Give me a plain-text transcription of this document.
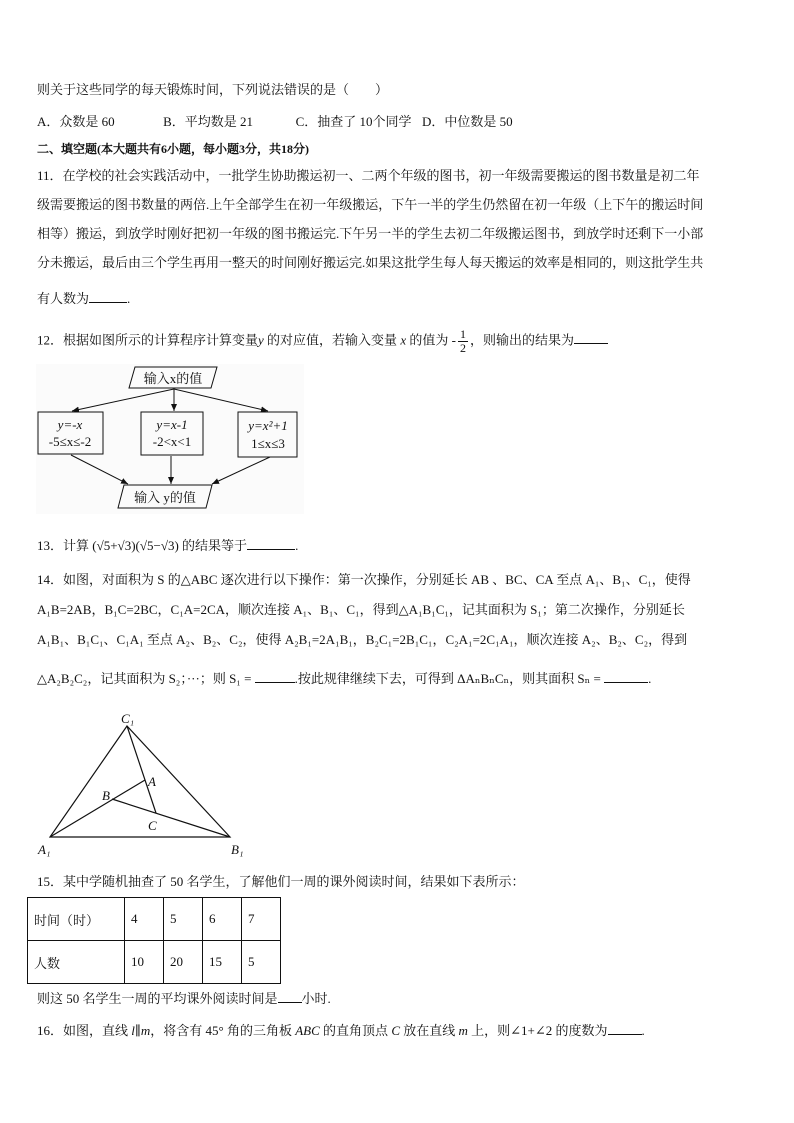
则关于这些同学的每天锻炼时间，下列说法错误的是（　　）
A．众数是 60	B．平均数是 21	C．抽查了 10个同学 D．中位数是 50
二、填空题(本大题共有6小题，每小题3分，共18分)
11．在学校的社会实践活动中，一批学生协助搬运初一、二两个年级的图书，初一年级需要搬运的图书数量是初二年
级需要搬运的图书数量的两倍.上午全部学生在初一年级搬运，下午一半的学生仍然留在初一年级（上下午的搬运时间
相等）搬运，到放学时刚好把初一年级的图书搬运完.下午另一半的学生去初二年级搬运图书，到放学时还剩下一小部
分未搬运，最后由三个学生再用一整天的时间刚好搬运完.如果这批学生每人每天搬运的效率是相同的，则这批学生共
有人数为	.
12．根据如图所示的计算程序计算变量y 的对应值，若输入变量 x 的值为 - $\frac{1}{2}$ ，则输出的结果为
输入x的值
y=-x
-5≤x≤-2
y=x-1
-2<x<1
y=x²+1
1≤x≤3
输入 y的值
C₁
A₁	B₁
A
B
C
13．计算 (√5+√3)(√5−√3) 的结果等于	.
14．如图，对面积为 S 的△ABC 逐次进行以下操作：第一次操作，分别延长 AB 、BC、CA 至点 A₁、B₁、C₁，使得
A₁B=2AB，B₁C=2BC，C₁A=2CA，顺次连接 A₁、B₁、C₁，得到△A₁B₁C₁，记其面积为 S₁；第二次操作，分别延长
A₁B₁、B₁C₁、C₁A₁ 至点 A₂、B₂、C₂，使得 A₂B₁=2A₁B₁，B₂C₁=2B₁C₁，C₂A₁=2C₁A₁，顺次连接 A₂、B₂、C₂，得到
△A₂B₂C₂，记其面积为 S₂；···；则 S₁ =	.按此规律继续下去，可得到 ΔAₙBₙCₙ，则其面积 Sₙ =	.
15．某中学随机抽查了 50 名学生，了解他们一周的课外阅读时间，结果如下表所示：
时间（时）	4	5	6	7
人数	10	20	15	5
则这 50 名学生一周的平均课外阅读时间是 小时.
16．如图，直线 l∥m，将含有 45° 角的三角板 ABC 的直角顶点 C 放在直线 m 上，则∠1+∠2 的度数为	.
